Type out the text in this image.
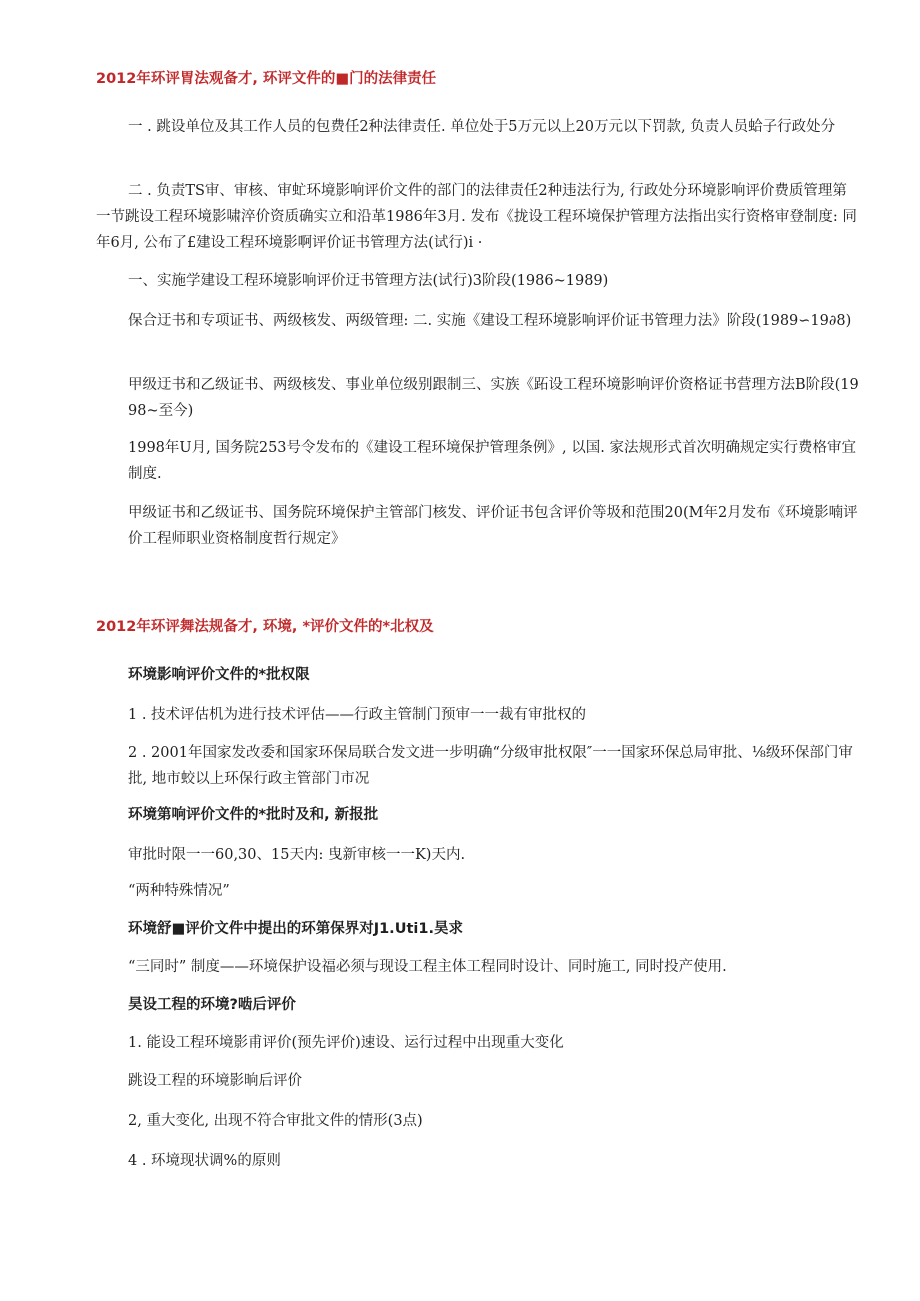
2012年环评胃法观备才, 环评文件的■门的法律责任
一 . 跳设单位及其工作人员的包费任2种法律责任. 单位处于5万元以上20万元以下罚款, 负责人员蛤子行政处分
二 . 负责TS审、审核、审虻环境影响评价文件的部门的法律责任2种违法行为, 行政处分环境影响评价费质管理第一节跳设工程环境影啸淬价资质确实立和沿革1986年3月. 发布《拢设工程环境保护管理方法指出实行资格审登制度: 同年6月, 公布了£建设工程环境影啊评价证书管理方法(试行)i ·
一、实施学建设工程环境影响评价迂书管理方法(试行)3阶段(1986~1989)
保合迂书和专项证书、两级核发、两级管理: 二. 实施《建设工程环境影响评价证书管理力法》阶段(1989∽19∂8)
甲级迂书和乙级证书、两级核发、事业单位级别跟制三、实族《跖设工程环境影响评价资格证书营理方法B阶段(1998~至今)
1998年U月, 国务院253号令发布的《建设工程环境保护管理条例》, 以国. 家法规形式首次明确规定实行费格审宜制度.
甲级证书和乙级证书、国务院环境保护主管部门核发、评价证书包含评价等圾和范围20(M年2月发布《环境影喃评价工程师职业资格制度哲行规定》
2012年环评舞法规备才, 环境, *评价文件的*北权及
环境影响评价文件的*批权限
1 . 技术评估机为进行技术评估——行政主管制门预审一一裁有审批权的
2 . 2001年国家发改委和国家环保局联合发文进一步明确“分级审批权限″一一国家环保总局审批、⅛级环保部门审批, 地市蛟以上环保行政主管部门市况
环境第响评价文件的*批时及和, 新报批
审批时限一一60,30、15天内: 曳新审核一一K)天内.
“两种特殊情况”
环境舒■评价文件中提出的环第保界对J1.Uti1.昊求
“三同时” 制度——环境保护设福必须与现设工程主体工程同时设计、同时施工, 同时投产使用.
昊设工程的环境?啮后评价
1. 能设工程环境影甫评价(预先评价)速设、运行过程中出现重大变化
跳设工程的环境影晌后评价
2, 重大变化, 出现不符合审批文件的情形(3点)
4 . 环境现状调%的原则
